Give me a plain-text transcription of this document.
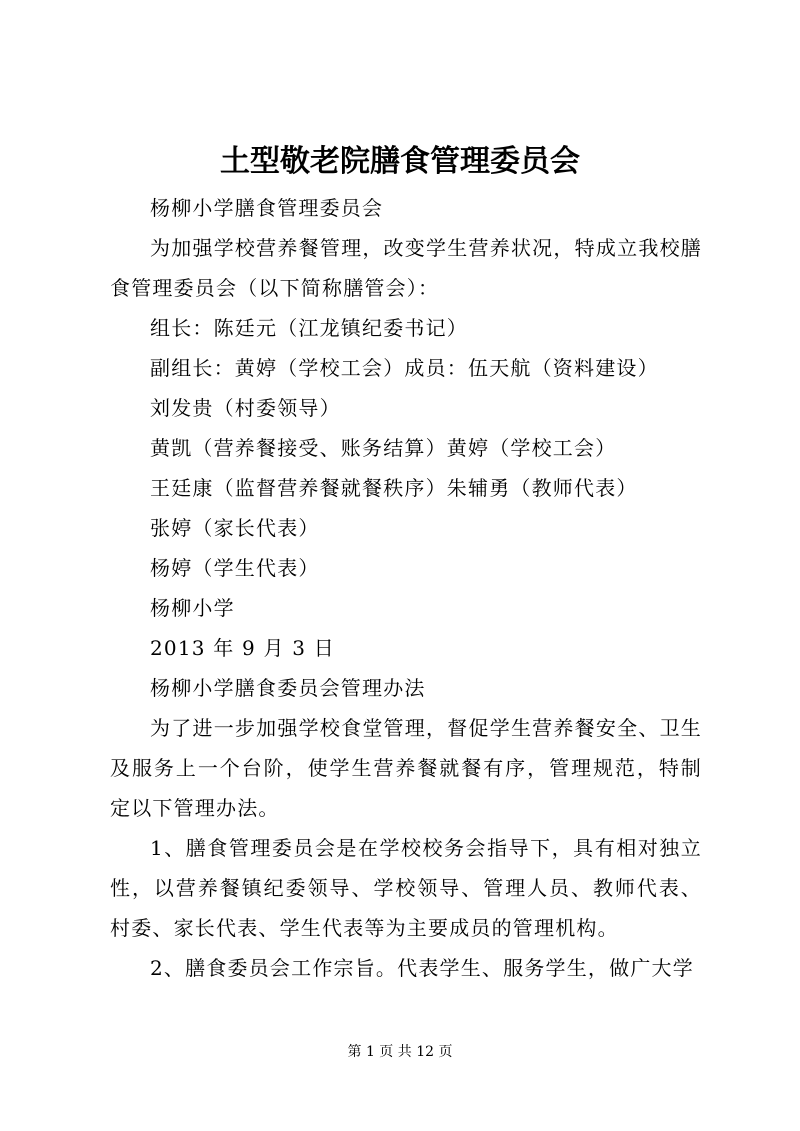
土型敬老院膳食管理委员会

杨柳小学膳食管理委员会

为加强学校营养餐管理，改变学生营养状况，特成立我校膳食管理委员会（以下简称膳管会）：

组长：陈廷元（江龙镇纪委书记）

副组长：黄婷（学校工会）成员：伍天航（资料建设）

刘发贵（村委领导）

黄凯（营养餐接受、账务结算）黄婷（学校工会）

王廷康（监督营养餐就餐秩序）朱辅勇（教师代表）

张婷（家长代表）

杨婷（学生代表）

杨柳小学

2013 年 9 月 3 日

杨柳小学膳食委员会管理办法

为了进一步加强学校食堂管理，督促学生营养餐安全、卫生及服务上一个台阶，使学生营养餐就餐有序，管理规范，特制定以下管理办法。

1、膳食管理委员会是在学校校务会指导下，具有相对独立性，以营养餐镇纪委领导、学校领导、管理人员、教师代表、村委、家长代表、学生代表等为主要成员的管理机构。

2、膳食委员会工作宗旨。代表学生、服务学生，做广大学

第 1 页 共 12 页
